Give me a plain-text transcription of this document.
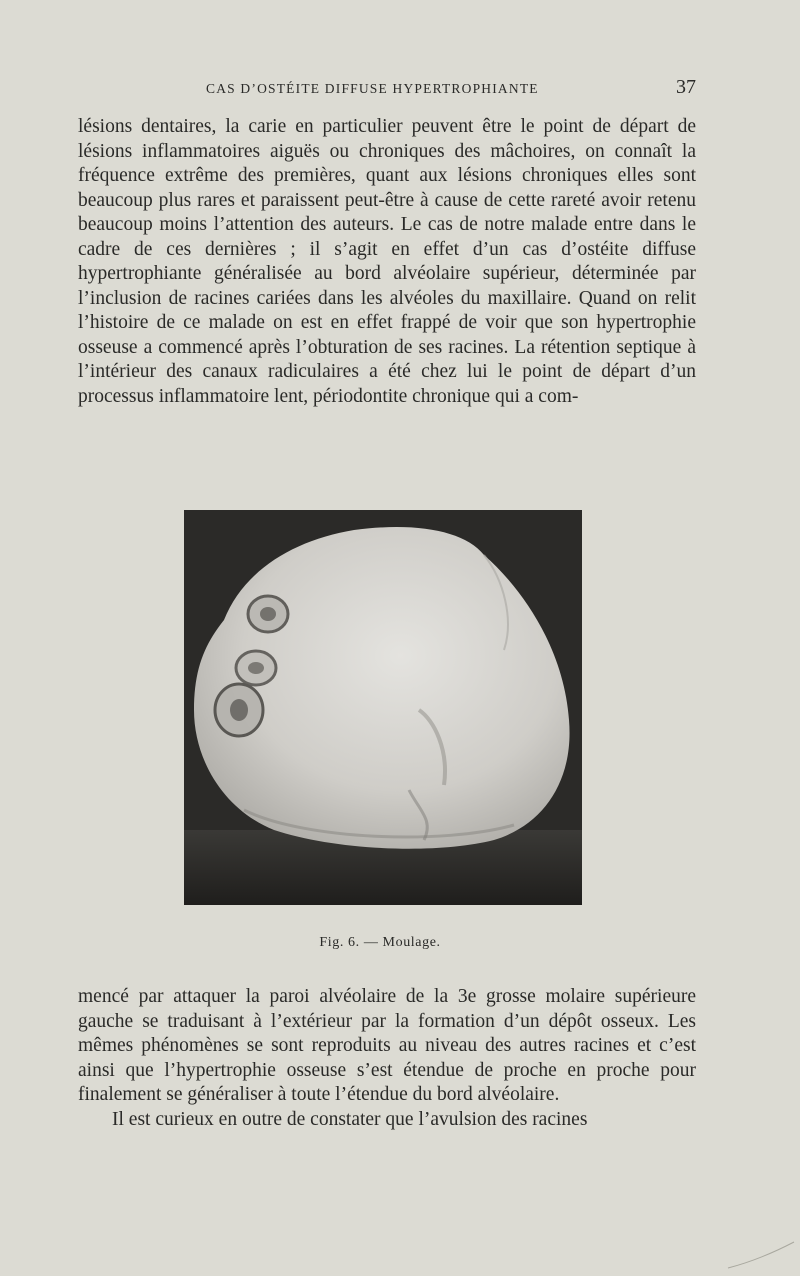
CAS D’OSTÉITE DIFFUSE HYPERTROPHIANTE	37

lésions dentaires, la carie en particulier peuvent être le point de départ de lésions inflammatoires aiguës ou chroniques des mâchoires, on connaît la fréquence extrême des premières, quant aux lésions chroniques elles sont beaucoup plus rares et paraissent peut-être à cause de cette rareté avoir retenu beaucoup moins l’attention des auteurs. Le cas de notre malade entre dans le cadre de ces dernières ; il s’agit en effet d’un cas d’ostéite diffuse hypertrophiante généralisée au bord alvéolaire supérieur, déterminée par l’inclusion de racines cariées dans les alvéoles du maxillaire. Quand on relit l’histoire de ce malade on est en effet frappé de voir que son hypertrophie osseuse a commencé après l’obturation de ses racines. La rétention septique à l’intérieur des canaux radiculaires a été chez lui le point de départ d’un processus inflammatoire lent, périodontite chronique qui a com-

Fig. 6. — Moulage.

mencé par attaquer la paroi alvéolaire de la 3e grosse molaire supérieure gauche se traduisant à l’extérieur par la formation d’un dépôt osseux. Les mêmes phénomènes se sont reproduits au niveau des autres racines et c’est ainsi que l’hypertrophie osseuse s’est étendue de proche en proche pour finalement se généraliser à toute l’étendue du bord alvéolaire.

Il est curieux en outre de constater que l’avulsion des racines
